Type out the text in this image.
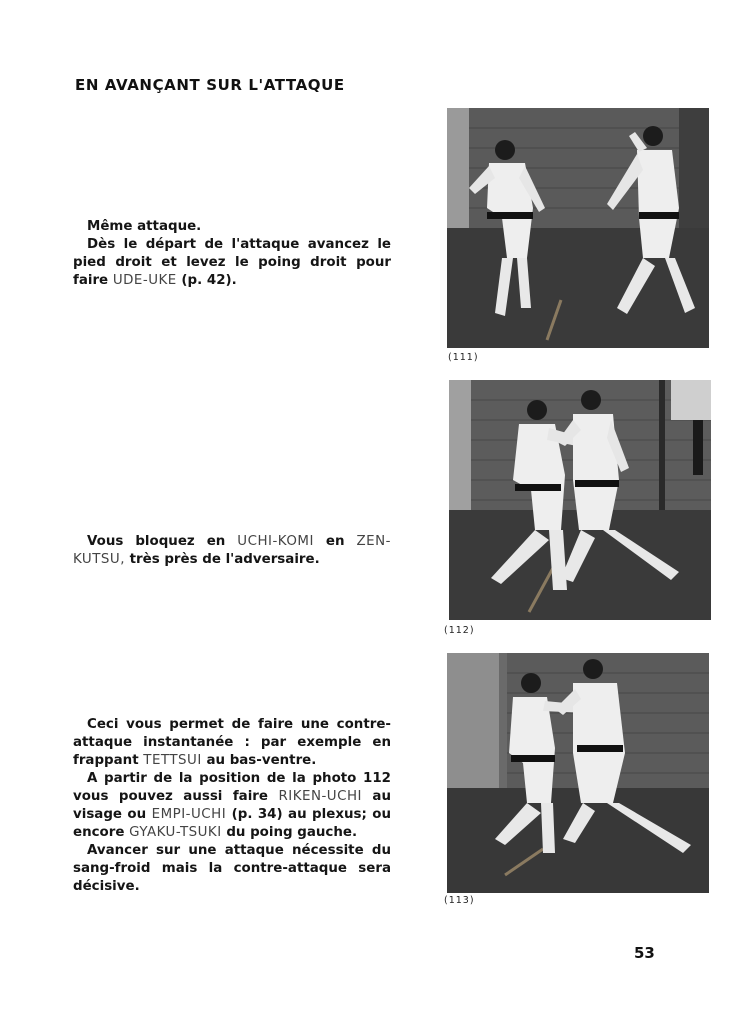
EN AVANÇANT SUR L'ATTAQUE

Même attaque.

Dès le départ de l'attaque avancez le pied droit et levez le poing droit pour faire UDE-UKE (p. 42).

Vous bloquez en UCHI-KOMI en ZEN-KUTSU, très près de l'adversaire.

Ceci vous permet de faire une contre-attaque instantanée : par exemple en frappant TETTSUI au bas-ventre.

A partir de la position de la photo 112 vous pouvez aussi faire RIKEN-UCHI au visage ou EMPI-UCHI (p. 34) au plexus; ou encore GYAKU-TSUKI du poing gauche.

Avancer sur une attaque nécessite du sang-froid mais la contre-attaque sera décisive.

(111)
(112)
(113)
53
